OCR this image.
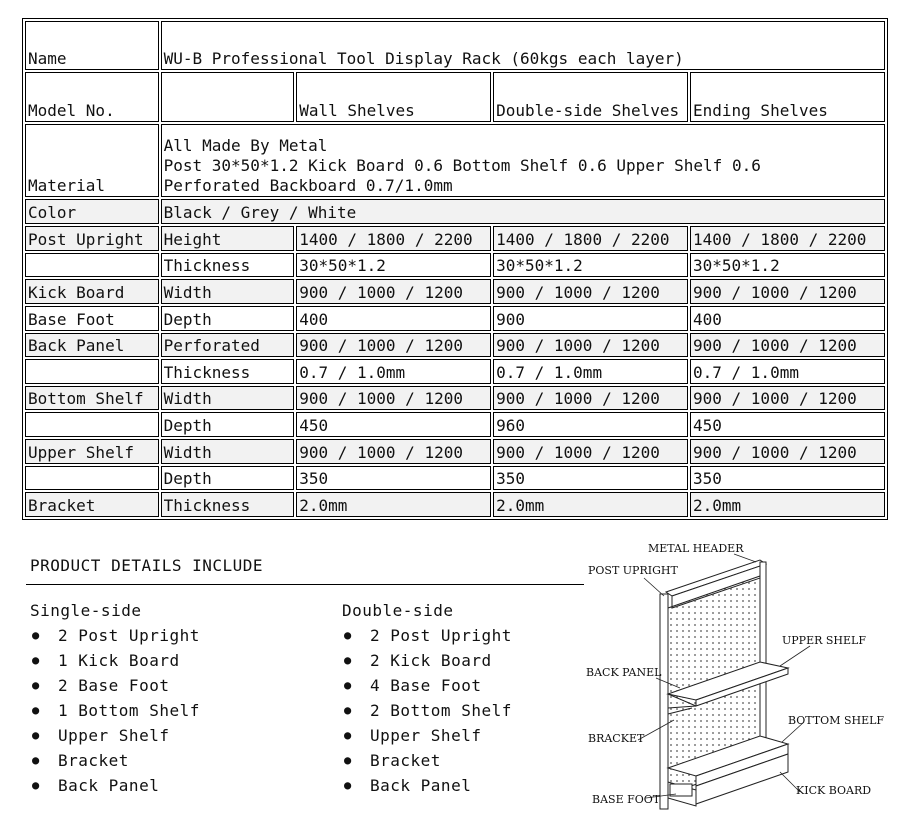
Name	WU-B Professional Tool Display Rack (60kgs each layer)			
Model No.		Wall Shelves	Double-side Shelves	Ending Shelves
Material	All Made By Metal
Post 30*50*1.2 Kick Board 0.6 Bottom Shelf 0.6 Upper Shelf 0.6
Perforated Backboard 0.7/1.0mm			

Color	Black / Grey / White			
Post Upright	Height	1400 / 1800 / 2200	1400 / 1800 / 2200	1400 / 1800 / 2200
	Thickness	30*50*1.2	30*50*1.2	30*50*1.2
Kick Board	Width	900 / 1000 / 1200	900 / 1000 / 1200	900 / 1000 / 1200
Base Foot	Depth	400	900	400
Back Panel	Perforated	900 / 1000 / 1200	900 / 1000 / 1200	900 / 1000 / 1200
	Thickness	0.7 / 1.0mm	0.7 / 1.0mm	0.7 / 1.0mm
Bottom Shelf	Width	900 / 1000 / 1200	900 / 1000 / 1200	900 / 1000 / 1200
	Depth	450	960	450
Upper Shelf	Width	900 / 1000 / 1200	900 / 1000 / 1200	900 / 1000 / 1200
	Depth	350	350	350
Bracket	Thickness	2.0mm	2.0mm	2.0mm
PRODUCT DETAILS INCLUDE
Single-side
● 2 Post Upright
● 1 Kick Board
● 2 Base Foot
● 1 Bottom Shelf
● Upper Shelf
● Bracket
● Back Panel
Double-side
● 2 Post Upright
● 2 Kick Board
● 4 Base Foot
● 2 Bottom Shelf
● Upper Shelf
● Bracket
● Back Panel
METAL HEADER
POST UPRIGHT
UPPER SHELF
BACK PANEL
BRACKET
BOTTOM SHELF
KICK BOARD
BASE FOOT
